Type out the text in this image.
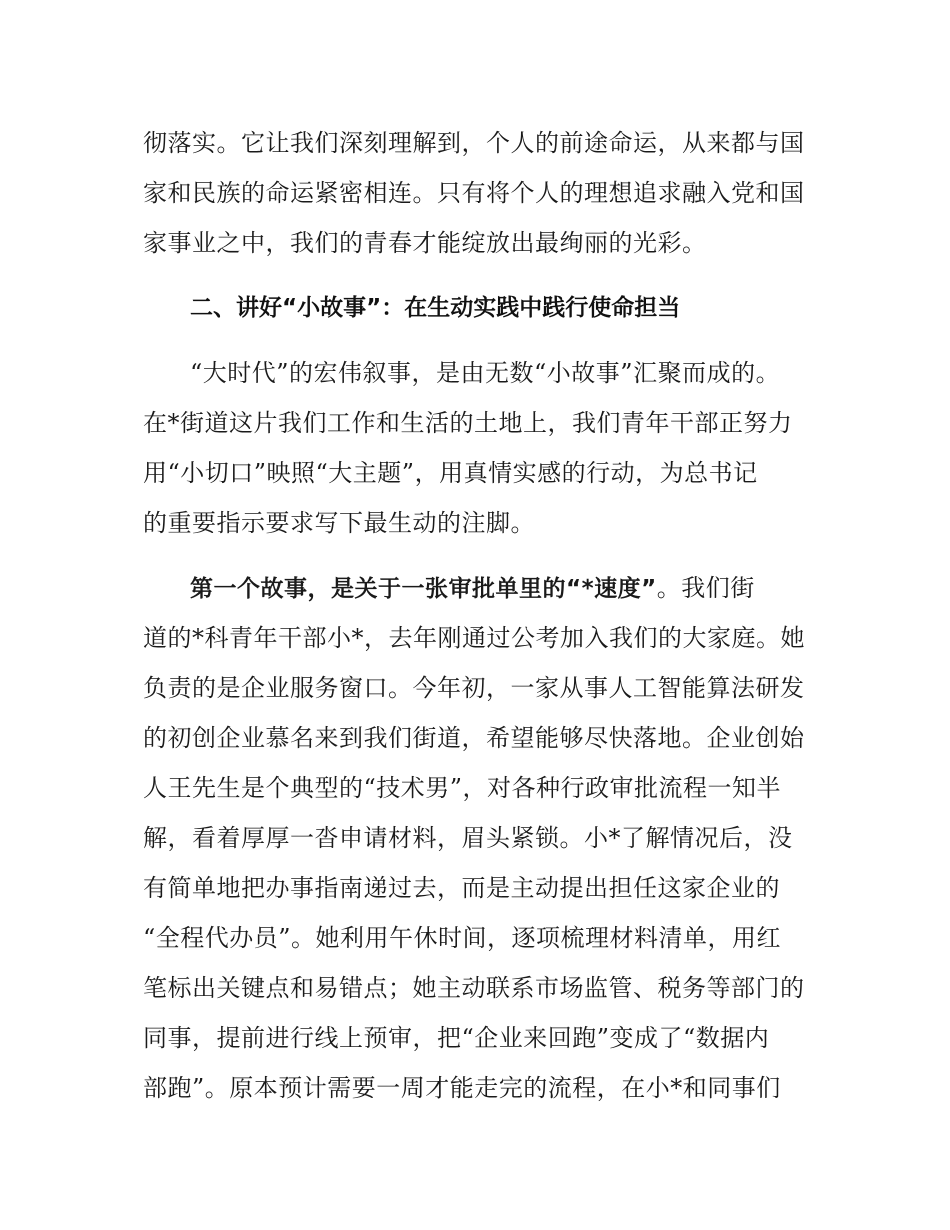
彻落实。它让我们深刻理解到，个人的前途命运，从来都与国
家和民族的命运紧密相连。只有将个人的理想追求融入党和国
家事业之中，我们的青春才能绽放出最绚丽的光彩。
二、讲好“小故事”：在生动实践中践行使命担当
“大时代”的宏伟叙事，是由无数“小故事”汇聚而成的。
在*街道这片我们工作和生活的土地上，我们青年干部正努力
用“小切口”映照“大主题”，用真情实感的行动，为总书记
的重要指示要求写下最生动的注脚。
第一个故事，是关于一张审批单里的“*速度”。我们街
道的*科青年干部小*，去年刚通过公考加入我们的大家庭。她
负责的是企业服务窗口。今年初，一家从事人工智能算法研发
的初创企业慕名来到我们街道，希望能够尽快落地。企业创始
人王先生是个典型的“技术男”，对各种行政审批流程一知半
解，看着厚厚一沓申请材料，眉头紧锁。小*了解情况后，没
有简单地把办事指南递过去，而是主动提出担任这家企业的
“全程代办员”。她利用午休时间，逐项梳理材料清单，用红
笔标出关键点和易错点；她主动联系市场监管、税务等部门的
同事，提前进行线上预审，把“企业来回跑”变成了“数据内
部跑”。原本预计需要一周才能走完的流程，在小*和同事们
